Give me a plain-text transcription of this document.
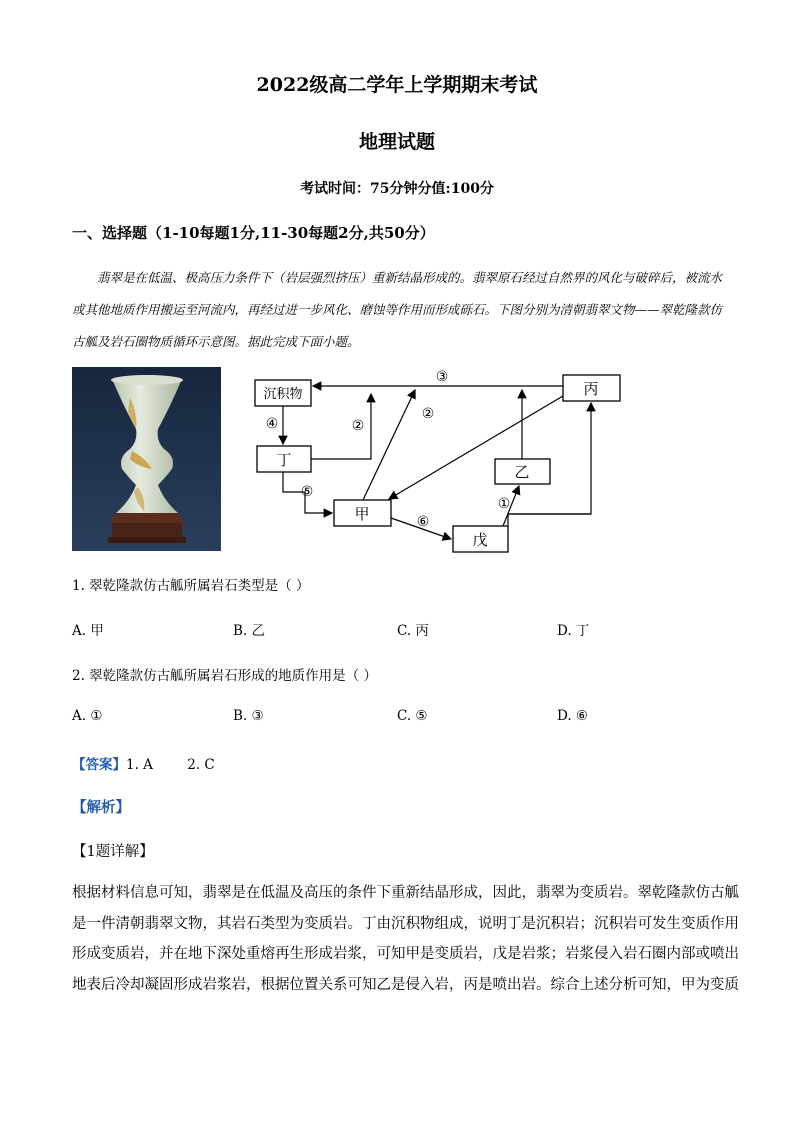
2022级高二学年上学期期末考试
地理试题
考试时间：75分钟分值:100分
一、选择题（1-10每题1分,11-30每题2分,共50分）
翡翠是在低温、极高压力条件下（岩层强烈挤压）重新结晶形成的。翡翠原石经过自然界的风化与破碎后，被流水或其他地质作用搬运至河流内，再经过进一步风化、磨蚀等作用而形成砾石。下图分别为清朝翡翠文物——翠乾隆款仿古觚及岩石圈物质循环示意图。据此完成下面小题。
沉积物
丁
甲
戊
乙
丙
③
④	②
②
⑤
⑥
①
1. 翠乾隆款仿古觚所属岩石类型是（ ）
A. 甲	B. 乙	C. 丙	D. 丁
2. 翠乾隆款仿古觚所属岩石形成的地质作用是（ ）
A. ①	B. ③	C. ⑤	D. ⑥
【答案】1. A        2. C
【解析】
【1题详解】
根据材料信息可知，翡翠是在低温及高压的条件下重新结晶形成，因此，翡翠为变质岩。翠乾隆款仿古觚
是一件清朝翡翠文物，其岩石类型为变质岩。丁由沉积物组成，说明丁是沉积岩；沉积岩可发生变质作用
形成变质岩，并在地下深处重熔再生形成岩浆，可知甲是变质岩，戊是岩浆；岩浆侵入岩石圈内部或喷出
地表后冷却凝固形成岩浆岩，根据位置关系可知乙是侵入岩，丙是喷出岩。综合上述分析可知，甲为变质
